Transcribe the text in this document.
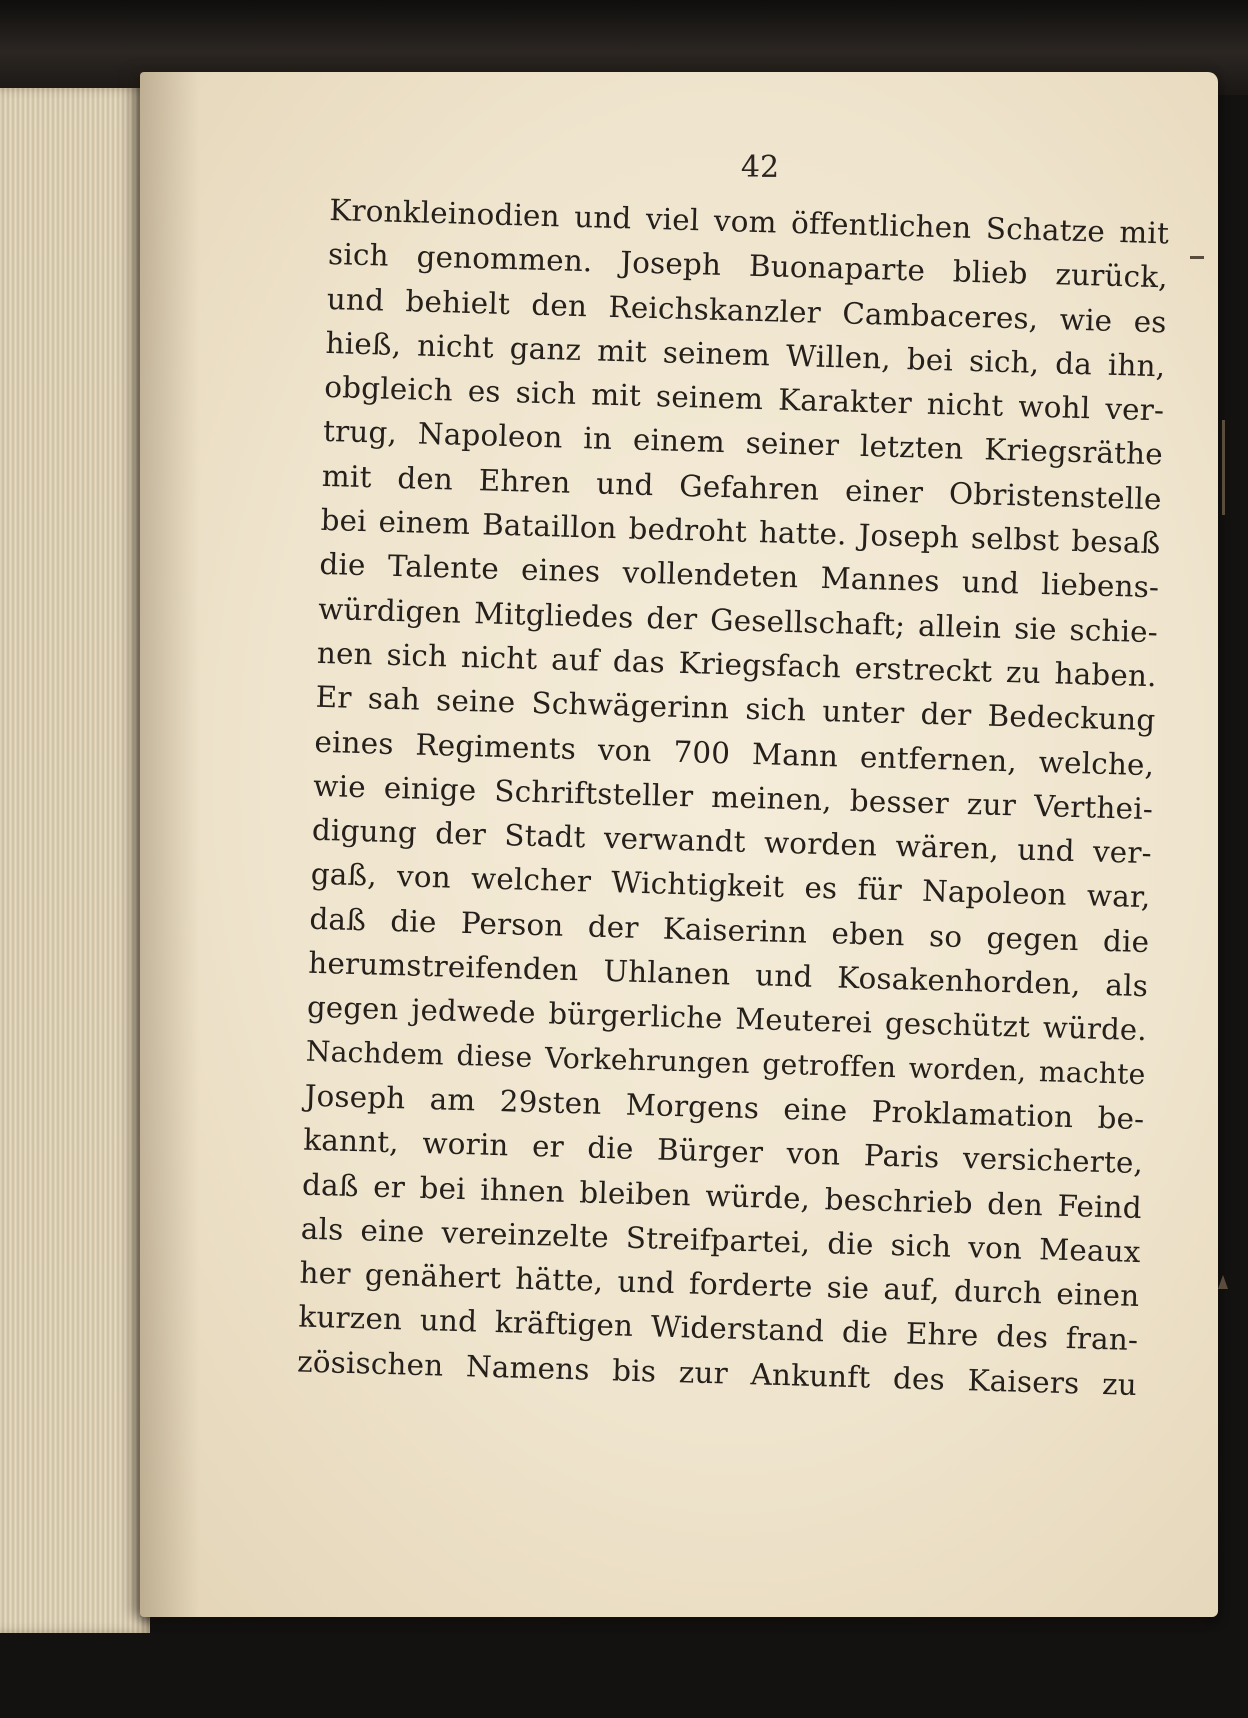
42
Kronkleinodien und viel vom öffentlichen Schatze mit
sich genommen. Joseph Buonaparte blieb zurück,
und behielt den Reichskanzler Cambaceres, wie es
hieß, nicht ganz mit seinem Willen, bei sich, da ihn,
obgleich es sich mit seinem Karakter nicht wohl ver-
trug, Napoleon in einem seiner letzten Kriegsräthe
mit den Ehren und Gefahren einer Obristenstelle
bei einem Bataillon bedroht hatte. Joseph selbst besaß
die Talente eines vollendeten Mannes und liebens-
würdigen Mitgliedes der Gesellschaft; allein sie schie-
nen sich nicht auf das Kriegsfach erstreckt zu haben.
Er sah seine Schwägerinn sich unter der Bedeckung
eines Regiments von 700 Mann entfernen, welche,
wie einige Schriftsteller meinen, besser zur Verthei-
digung der Stadt verwandt worden wären, und ver-
gaß, von welcher Wichtigkeit es für Napoleon war,
daß die Person der Kaiserinn eben so gegen die
herumstreifenden Uhlanen und Kosakenhorden, als
gegen jedwede bürgerliche Meuterei geschützt würde.
Nachdem diese Vorkehrungen getroffen worden, machte
Joseph am 29sten Morgens eine Proklamation be-
kannt, worin er die Bürger von Paris versicherte,
daß er bei ihnen bleiben würde, beschrieb den Feind
als eine vereinzelte Streifpartei, die sich von Meaux
her genähert hätte, und forderte sie auf, durch einen
kurzen und kräftigen Widerstand die Ehre des fran-
zösischen Namens bis zur Ankunft des Kaisers zu
